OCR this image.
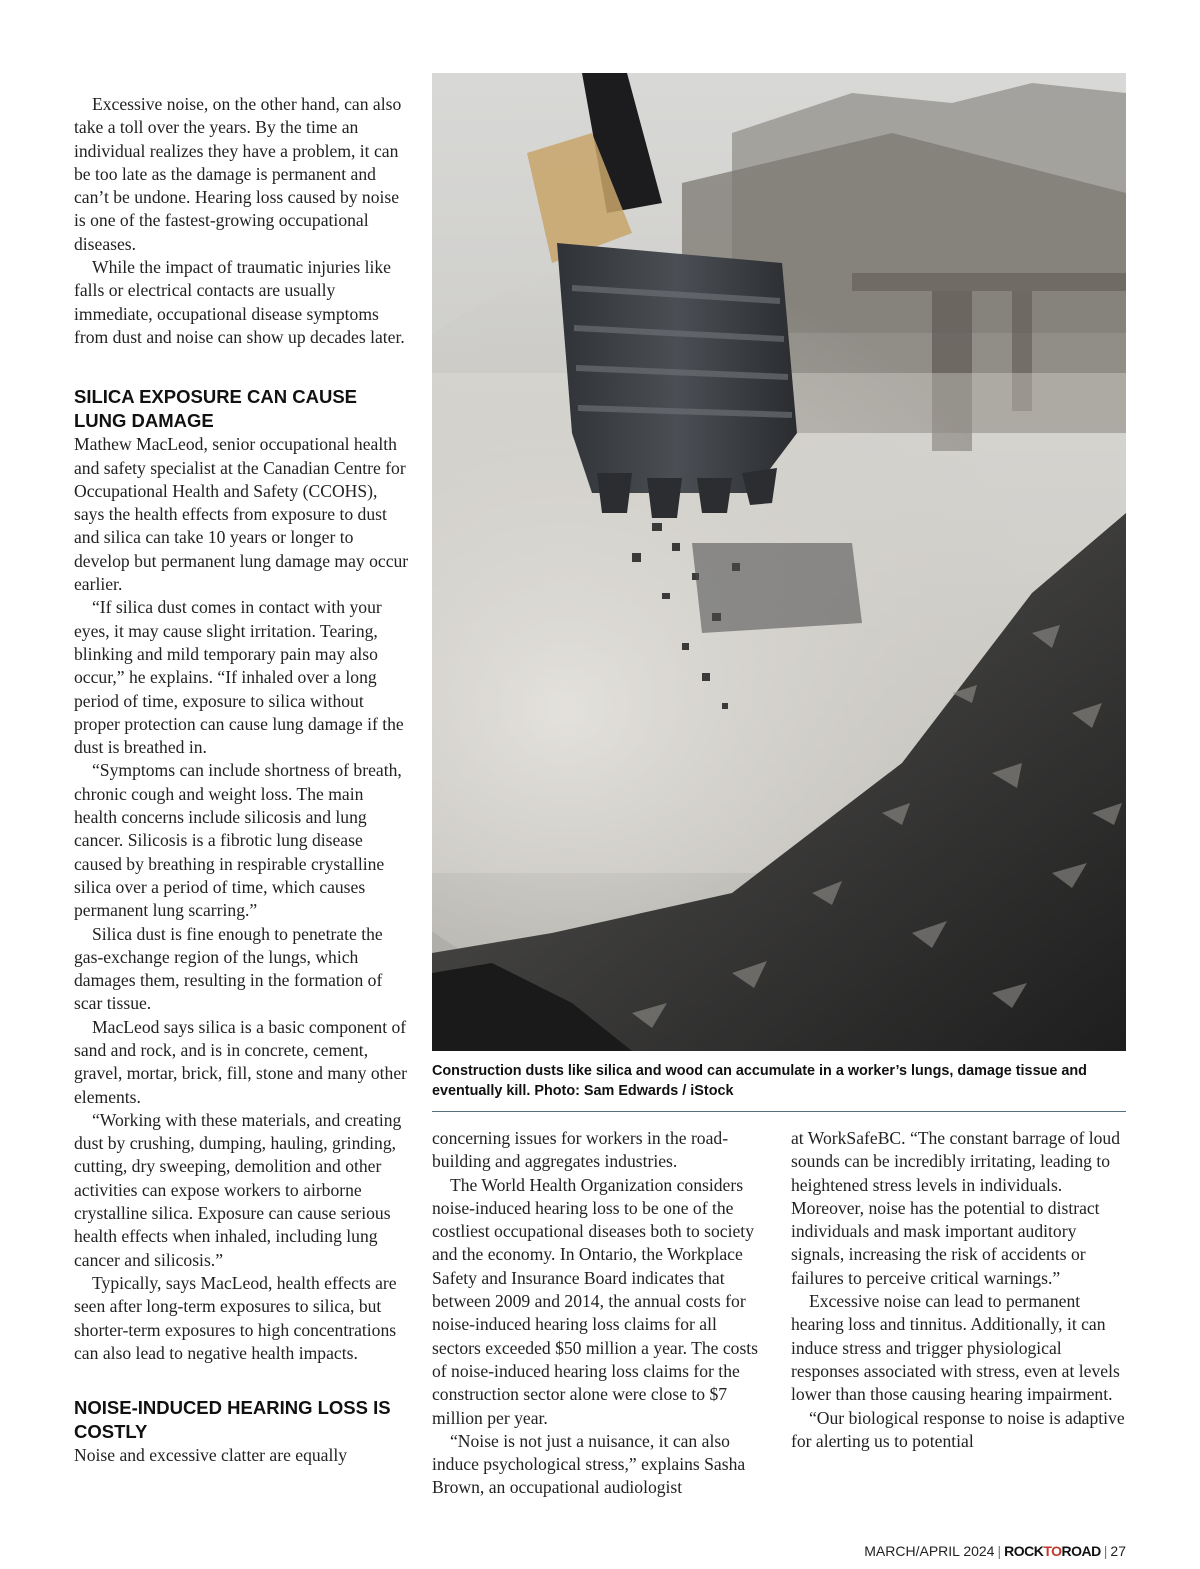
Excessive noise, on the other hand, can also take a toll over the years. By the time an individual realizes they have a problem, it can be too late as the damage is permanent and can’t be undone. Hearing loss caused by noise is one of the fastest-growing occupational diseases.

While the impact of traumatic injuries like falls or electrical contacts are usually immediate, occupational disease symptoms from dust and noise can show up decades later.

SILICA EXPOSURE CAN CAUSE LUNG DAMAGE

Mathew MacLeod, senior occupational health and safety specialist at the Canadian Centre for Occupational Health and Safety (CCOHS), says the health effects from exposure to dust and silica can take 10 years or longer to develop but permanent lung damage may occur earlier.

“If silica dust comes in contact with your eyes, it may cause slight irritation. Tearing, blinking and mild temporary pain may also occur,” he explains. “If inhaled over a long period of time, exposure to silica without proper protection can cause lung damage if the dust is breathed in.

“Symptoms can include shortness of breath, chronic cough and weight loss. The main health concerns include silicosis and lung cancer. Silicosis is a fibrotic lung disease caused by breathing in respirable crystalline silica over a period of time, which causes permanent lung scarring.”

Silica dust is fine enough to penetrate the gas-exchange region of the lungs, which damages them, resulting in the formation of scar tissue.

MacLeod says silica is a basic component of sand and rock, and is in concrete, cement, gravel, mortar, brick, fill, stone and many other elements.

“Working with these materials, and creating dust by crushing, dumping, hauling, grinding, cutting, dry sweeping, demolition and other activities can expose workers to airborne crystalline silica. Exposure can cause serious health effects when inhaled, including lung cancer and silicosis.”

Typically, says MacLeod, health effects are seen after long-term exposures to silica, but shorter-term exposures to high concentrations can also lead to negative health impacts.

NOISE-INDUCED HEARING LOSS IS COSTLY

Noise and excessive clatter are equally

Construction dusts like silica and wood can accumulate in a worker’s lungs, damage tissue and eventually kill. Photo: Sam Edwards / iStock

concerning issues for workers in the road-building and aggregates industries.

The World Health Organization considers noise-induced hearing loss to be one of the costliest occupational diseases both to society and the economy. In Ontario, the Workplace Safety and Insurance Board indicates that between 2009 and 2014, the annual costs for noise-induced hearing loss claims for all sectors exceeded $50 million a year. The costs of noise-induced hearing loss claims for the construction sector alone were close to $7 million per year.

“Noise is not just a nuisance, it can also induce psychological stress,” explains Sasha Brown, an occupational audiologist

at WorkSafeBC. “The constant barrage of loud sounds can be incredibly irritating, leading to heightened stress levels in individuals. Moreover, noise has the potential to distract individuals and mask important auditory signals, increasing the risk of accidents or failures to perceive critical warnings.”

Excessive noise can lead to permanent hearing loss and tinnitus. Additionally, it can induce stress and trigger physiological responses associated with stress, even at levels lower than those causing hearing impairment.

“Our biological response to noise is adaptive for alerting us to potential

MARCH/APRIL 2024 | ROCKTOROAD | 27
